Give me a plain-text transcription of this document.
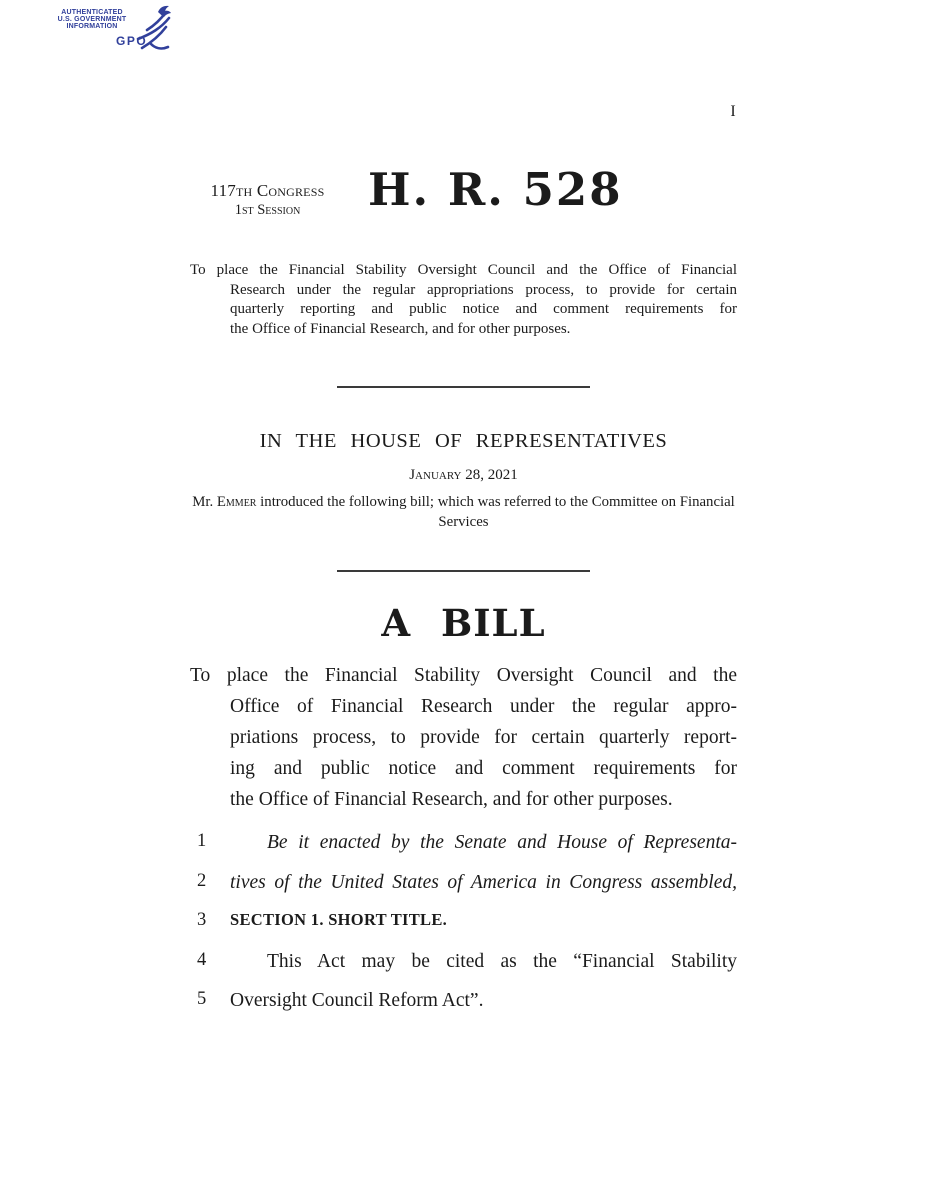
AUTHENTICATED
U.S. GOVERNMENT
INFORMATION
GPO
I
117th Congress
1st Session	H. R. 528
To place the Financial Stability Oversight Council and the Office of Financial
Research under the regular appropriations process, to provide for certain
quarterly reporting and public notice and comment requirements for
the Office of Financial Research, and for other purposes.
IN THE HOUSE OF REPRESENTATIVES
January 28, 2021
Mr. Emmer introduced the following bill; which was referred to the Committee on Financial Services
A BILL
To place the Financial Stability Oversight Council and the
Office of Financial Research under the regular appro-
priations process, to provide for certain quarterly report-
ing and public notice and comment requirements for
the Office of Financial Research, and for other purposes.
1	Be it enacted by the Senate and House of Representa-
2	tives of the United States of America in Congress assembled,
3	SECTION 1. SHORT TITLE.
4	This Act may be cited as the “Financial Stability
5	Oversight Council Reform Act”.
